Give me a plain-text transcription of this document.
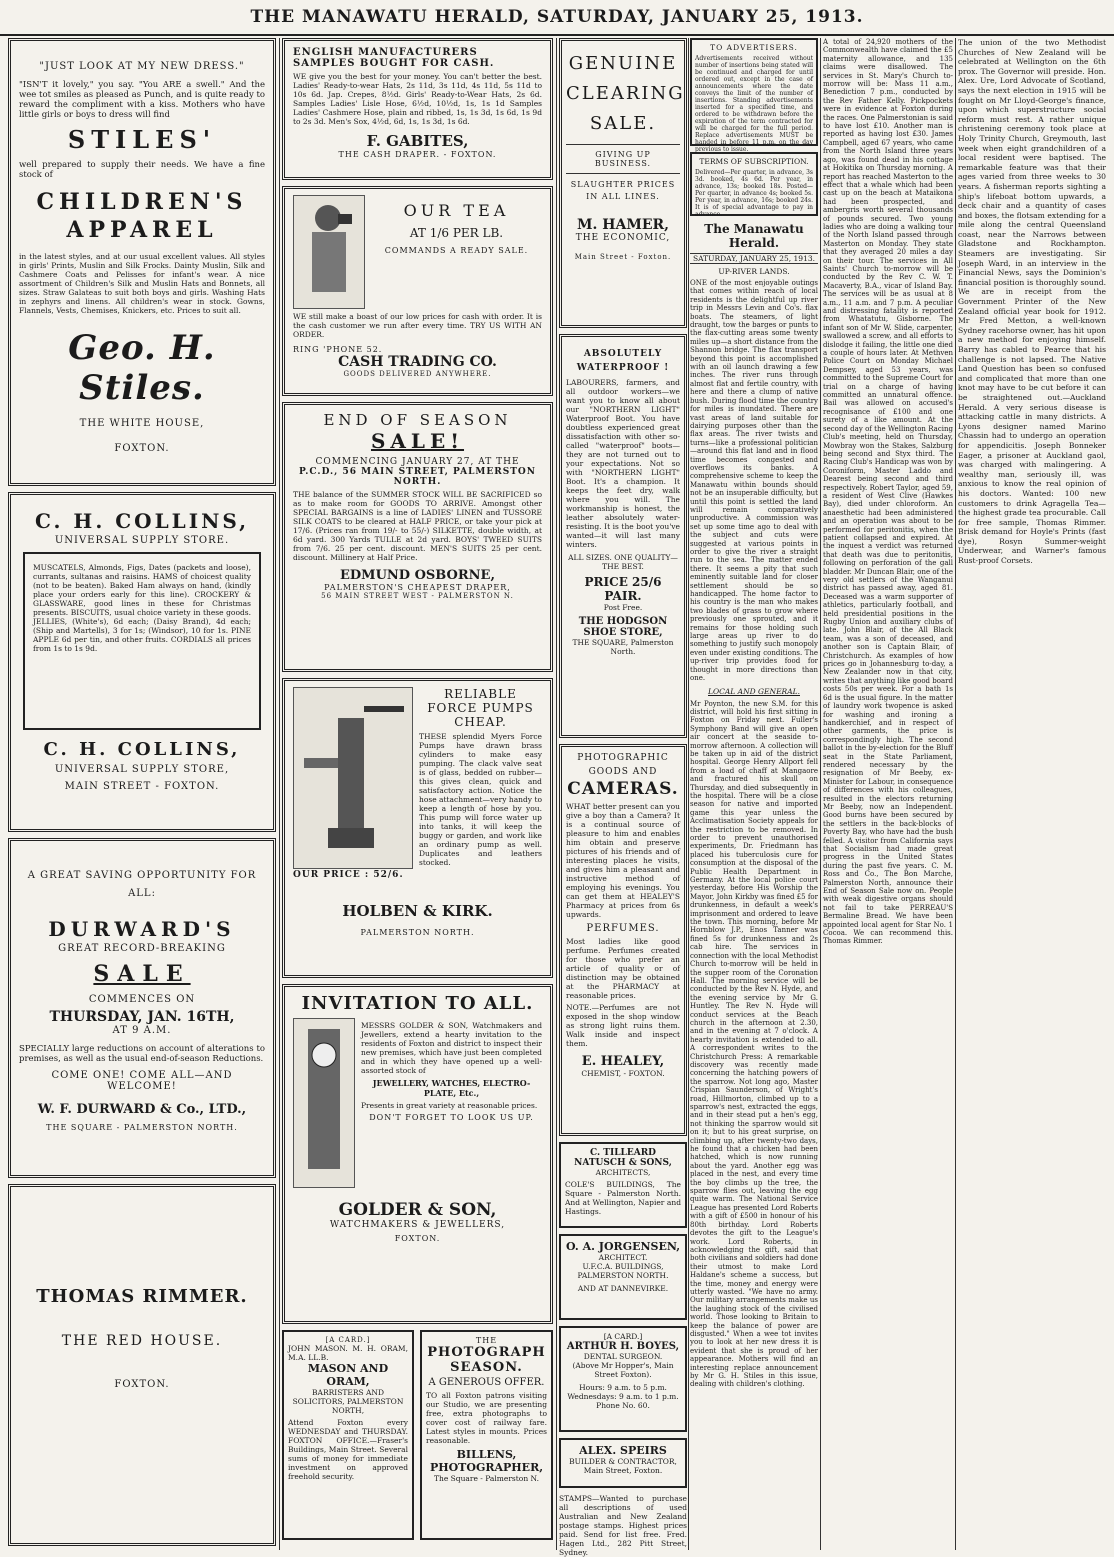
THE MANAWATU HERALD, SATURDAY, JANUARY 25, 1913.
"JUST LOOK AT MY NEW DRESS."

"ISN'T it lovely," you say. "You ARE a swell." And the wee tot smiles as pleased as Punch, and is quite ready to reward the compliment with a kiss. Mothers who have little girls or boys to dress will find

STILES'

well prepared to supply their needs. We have a fine stock of

CHILDREN'S APPAREL

in the latest styles, and at our usual excellent values. All styles in girls' Prints, Muslin and Silk Frocks. Dainty Muslin, Silk and Cashmere Coats and Pelisses for infant's wear. A nice assortment of Children's Silk and Muslin Hats and Bonnets, all sizes. Straw Galateas to suit both boys and girls. Washing Hats in zephyrs and linens. All children's wear in stock. Gowns, Flannels, Vests, Chemises, Knickers, etc. Prices to suit all.

Geo. H. Stiles.
THE WHITE HOUSE,
FOXTON.
C. H. COLLINS,
UNIVERSAL SUPPLY STORE.

MUSCATELS, Almonds, Figs, Dates (packets and loose), currants, sultanas and raisins. HAMS of choicest quality (not to be beaten). Baked Ham always on hand, (kindly place your orders early for this line). CROCKERY & GLASSWARE, good lines in these for Christmas presents. BISCUITS, usual choice variety in these goods. JELLIES, (White's), 6d each; (Daisy Brand), 4d each; (Ship and Martells), 3 for 1s; (Windsor), 10 for 1s. PINE APPLE 6d per tin, and other fruits. CORDIALS all prices from 1s to 1s 9d.

C. H. COLLINS,
UNIVERSAL SUPPLY STORE,
MAIN STREET - FOXTON.
A GREAT SAVING OPPORTUNITY FOR ALL:
DURWARD'S
GREAT RECORD-BREAKING
SALE
COMMENCES ON
THURSDAY, JAN. 16TH,
AT 9 A.M.

SPECIALLY large reductions on account of alterations to premises, as well as the usual end-of-season Reductions.

COME ONE! COME ALL—AND WELCOME!
W. F. DURWARD & Co., LTD.,
THE SQUARE - PALMERSTON NORTH.
THOMAS RIMMER.
THE RED HOUSE.
FOXTON.
ENGLISH MANUFACTURERS SAMPLES BOUGHT FOR CASH.

WE give you the best for your money. You can't better the best. Ladies' Ready-to-wear Hats, 2s 11d, 3s 11d, 4s 11d, 5s 11d to 10s 6d. Jap. Crepes, 8½d. Girls' Ready-to-Wear Hats, 2s 6d. Samples Ladies' Lisle Hose, 6½d, 10½d, 1s, 1s 1d Samples Ladies' Cashmere Hose, plain and ribbed, 1s, 1s 3d, 1s 6d, 1s 9d to 2s 3d. Men's Sox, 4½d, 6d, 1s, 1s 3d, 1s 6d.

F. GABITES,
THE CASH DRAPER. - FOXTON.
OUR TEA
AT 1/6 PER LB.
COMMANDS A READY SALE.

WE still make a boast of our low prices for cash with order. It is the cash customer we run after every time. TRY US WITH AN ORDER.

RING 'PHONE 52.
CASH TRADING CO.
GOODS DELIVERED ANYWHERE.
END OF SEASON
SALE!
COMMENCING JANUARY 27, AT THE
P.C.D., 56 MAIN STREET, PALMERSTON NORTH.

THE balance of the SUMMER STOCK WILL BE SACRIFICED so as to make room for GOODS TO ARRIVE. Amongst other SPECIAL BARGAINS is a line of LADIES' LINEN and TUSSORE SILK COATS to be cleared at HALF PRICE, or take your pick at 17/6. (Prices ran from 19/- to 55/-) SILKETTE, double width, at 6d yard. 300 Yards TULLE at 2d yard. BOYS' TWEED SUITS from 7/6. 25 per cent. discount. MEN'S SUITS 25 per cent. discount. Millinery at Half Price.

EDMUND OSBORNE,
PALMERSTON'S CHEAPEST DRAPER,
56 MAIN STREET WEST - PALMERSTON N.
RELIABLE FORCE PUMPS CHEAP.

THESE splendid Myers Force Pumps have drawn brass cylinders to make easy pumping. The clack valve seat is of glass, bedded on rubber—this gives clean, quick and satisfactory action. Notice the hose attachment—very handy to keep a length of hose by you. This pump will force water up into tanks, it will keep the buggy or garden, and work like an ordinary pump as well. Duplicates and leathers stocked.

OUR PRICE : 52/6.
HOLBEN & KIRK.
PALMERSTON NORTH.
INVITATION TO ALL.

MESSRS GOLDER & SON, Watchmakers and Jewellers, extend a hearty invitation to the residents of Foxton and district to inspect their new premises, which have just been completed and in which they have opened up a well-assorted stock of

JEWELLERY, WATCHES, ELECTRO-PLATE, Etc.,

Presents in great variety at reasonable prices.

DON'T FORGET TO LOOK US UP.
GOLDER & SON,
WATCHMAKERS & JEWELLERS,
FOXTON.
[A CARD.]
JOHN MASON. M. H. ORAM, M.A. LL.B.
MASON AND ORAM,
BARRISTERS AND SOLICITORS, PALMERSTON NORTH,

Attend Foxton every WEDNESDAY and THURSDAY. FOXTON OFFICE.—Fraser's Buildings, Main Street. Several sums of money for immediate investment on approved freehold security.

THE
PHOTOGRAPH SEASON.
A GENEROUS OFFER.

TO all Foxton patrons visiting our Studio, we are presenting free, extra photographs to cover cost of railway fare. Latest styles in mounts. Prices reasonable.

BILLENS, PHOTOGRAPHER,
The Square - Palmerston N.
GENUINE CLEARING SALE.
GIVING UP BUSINESS.
SLAUGHTER PRICES IN ALL LINES.
M. HAMER,
THE ECONOMIC,
Main Street - Foxton.
ABSOLUTELY WATERPROOF !

LABOURERS, farmers, and all outdoor workers—we want you to know all about our "NORTHERN LIGHT" Waterproof Boot. You have doubtless experienced great dissatisfaction with other so-called "waterproof" boots—they are not turned out to your expectations. Not so with "NORTHERN LIGHT" Boot. It's a champion. It keeps the feet dry, walk where you will. The workmanship is honest, the leather absolutely water-resisting. It is the boot you've wanted—it will last many winters.

ALL SIZES. ONE QUALITY—THE BEST.
PRICE 25/6 PAIR.
Post Free.
THE HODGSON SHOE STORE,
THE SQUARE, Palmerston North.
PHOTOGRAPHIC GOODS AND
CAMERAS.

WHAT better present can you give a boy than a Camera? It is a continual source of pleasure to him and enables him obtain and preserve pictures of his friends and of interesting places he visits, and gives him a pleasant and instructive method of employing his evenings. You can get them at HEALEY'S Pharmacy at prices from 6s upwards.

PERFUMES.

Most ladies like good perfume. Perfumes created for those who prefer an article of quality or of distinction may be obtained at the PHARMACY at reasonable prices.

NOTE.—Perfumes are not exposed in the shop window as strong light ruins them. Walk inside and inspect them.

E. HEALEY,
CHEMIST, - FOXTON.
C. TILLEARD NATUSCH & SONS,
ARCHITECTS,

COLE'S BUILDINGS, The Square - Palmerston North. And at Wellington, Napier and Hastings.

O. A. JORGENSEN,
ARCHITECT.
U.F.C.A. BUILDINGS, PALMERSTON NORTH.
AND AT DANNEVIRKE.
[A CARD.]
ARTHUR H. BOYES,
DENTAL SURGEON.
(Above Mr Hopper's, Main Street Foxton).
Hours: 9 a.m. to 5 p.m. Wednesdays: 9 a.m. to 1 p.m.
Phone No. 60.
ALEX. SPEIRS
BUILDER & CONTRACTOR,
Main Street, Foxton.

STAMPS—Wanted to purchase all descriptions of used Australian and New Zealand postage stamps. Highest prices paid. Send for list free. Fred. Hagen Ltd., 282 Pitt Street, Sydney.

TO ADVERTISERS.

Advertisements received without number of insertions being stated will be continued and charged for until ordered out, except in the case of announcements where the date conveys the limit of the number of insertions. Standing advertisements inserted for a specified time, and ordered to be withdrawn before the expiration of the term contracted for will be charged for the full period. Replace advertisements MUST be handed in before 11 p.m. on the day previous to issue.

TERMS OF SUBSCRIPTION.

Delivered—Per quarter, in advance, 3s 3d. booked, 4s 6d. Per year, in advance, 13s; booked 18s. Posted—Per quarter, in advance 4s; booked 5s. Per year, in advance, 16s; booked 24s. It is of special advantage to pay in advance.

The Manawatu Herald.
SATURDAY, JANUARY 25, 1913.
UP-RIVER LANDS.

ONE of the most enjoyable outings that comes within reach of local residents is the delightful up river trip in Messrs Levin and Co's. flax boats. The steamers, of light draught, tow the barges or punts to the flax-cutting areas some twenty miles up—a short distance from the Shannon bridge. The flax transport beyond this point is accomplished with an oil launch drawing a few inches. The river runs through almost flat and fertile country, with here and there a clump of native bush. During flood time the country for miles is inundated. There are vast areas of land suitable for dairying purposes other than the flax areas. The river twists and turns—like a professional politician—around this flat land and in flood time becomes congested and overflows its banks. A comprehensive scheme to keep the Manawatu within bounds should not be an insuperable difficulty, but until this point is settled the land will remain comparatively unproductive. A commission was set up some time ago to deal with the subject and cuts were suggested at various points in order to give the river a straight run to the sea. The matter ended there. It seems a pity that such eminently suitable land for closer settlement should be so handicapped. The home factor to his country is the man who makes two blades of grass to grow where previously one sprouted, and it remains for those holding such large areas up river to do something to justify such monopoly even under existing conditions. The up-river trip provides food for thought in more directions than one.

LOCAL AND GENERAL.

Mr Poynton, the new S.M. for this district, will hold his first sitting in Foxton on Friday next. Fuller's Symphony Band will give an open air concert at the seaside to-morrow afternoon. A collection will be taken up in aid of the district hospital. George Henry Allport fell from a load of chaff at Mangaore and fractured his skull on Thursday, and died subsequently in the hospital. There will be a close season for native and imported game this year unless the Acclimatisation Society appeals for the restriction to be removed. In order to prevent unauthorised experiments, Dr. Friedmann has placed his tuberculosis cure for consumption at the disposal of the Public Health Department in Germany. At the local police court yesterday, before His Worship the Mayor, John Kirkby was fined £5 for drunkenness, in default a week's imprisonment and ordered to leave the town. This morning, before Mr Hornblow J.P., Enos Tanner was fined 5s for drunkenness and 2s cab hire. The services in connection with the local Methodist Church to-morrow will be held in the supper room of the Coronation Hall. The morning service will be conducted by the Rev N. Hyde, and the evening service by Mr G. Huntley. The Rev N. Hyde will conduct services at the Beach church in the afternoon at 2.30, and in the evening at 7 o'clock. A hearty invitation is extended to all. A correspondent writes to the Christchurch Press: A remarkable discovery was recently made concerning the hatching powers of the sparrow. Not long ago, Master Crispian Saunderson, of Wright's road, Hillmorton, climbed up to a sparrow's nest, extracted the eggs, and in their stead put a hen's egg, not thinking the sparrow would sit on it; but to his great surprise, on climbing up, after twenty-two days, he found that a chicken had been hatched, which is now running about the yard. Another egg was placed in the nest, and every time the boy climbs up the tree, the sparrow flies out, leaving the egg quite warm. The National Service League has presented Lord Roberts with a gift of £500 in honour of his 80th birthday. Lord Roberts devotes the gift to the League's work. Lord Roberts, in acknowledging the gift, said that both civilians and soldiers had done their utmost to make Lord Haldane's scheme a success, but the time, money and energy were utterly wasted. "We have no army. Our military arrangements make us the laughing stock of the civilised world. Those looking to Britain to keep the balance of power are disgusted." When a wee tot invites you to look at her new dress it is evident that she is proud of her appearance. Mothers will find an interesting replace announcement by Mr G. H. Stiles in this issue, dealing with children's clothing.

A total of 24,920 mothers of the Commonwealth have claimed the £5 maternity allowance, and 135 claims were disallowed. The services in St. Mary's Church to-morrow will be: Mass 11 a.m., Benediction 7 p.m., conducted by the Rev Father Kelly. Pickpockets were in evidence at Foxton during the races. One Palmerstonian is said to have lost £10. Another man is reported as having lost £30. James Campbell, aged 67 years, who came from the North Island three years ago, was found dead in his cottage at Hokitika on Thursday morning. A report has reached Masterton to the effect that a whale which had been cast up on the beach at Mataikona had been prospected, and ambergris worth several thousands of pounds secured. Two young ladies who are doing a walking tour of the North Island passed through Masterton on Monday. They state that they averaged 20 miles a day on their tour. The services in All Saints' Church to-morrow will be conducted by the Rev C. W. T. Macaverty, B.A., vicar of Island Bay. The services will be as usual at 8 a.m., 11 a.m. and 7 p.m. A peculiar and distressing fatality is reported from Whatatutu, Gisborne. The infant son of Mr W. Slide, carpenter, swallowed a screw, and all efforts to dislodge it failing, the little one died a couple of hours later. At Methven Police Court on Monday Michael Dempsey, aged 53 years, was committed to the Supreme Court for trial on a charge of having committed an unnatural offence. Bail was allowed on accused's recognisance of £100 and one surety of a like amount. At the second day of the Wellington Racing Club's meeting, held on Thursday, Mowbray won the Stakes, Salzburg being second and Styx third. The Racing Club's Handicap was won by Coroniform, Master Laddo and Dearest being second and third respectively. Robert Taylor, aged 59, a resident of West Clive (Hawkes Bay), died under chloroform. An anaesthetic had been administered and an operation was about to be performed for peritonitis, when the patient collapsed and expired. At the inquest a verdict was returned that death was due to peritonitis, following on perforation of the gall bladder. Mr Duncan Blair, one of the very old settlers of the Wanganui district has passed away, aged 81. Deceased was a warm supporter of athletics, particularly football, and held presidential positions in the Rugby Union and auxiliary clubs of late. John Blair, of the All Black team, was a son of deceased, and another son is Captain Blair, of Christchurch. As examples of how prices go in Johannesburg to-day, a New Zealander now in that city, writes that anything like good board costs 50s per week. For a bath 1s 6d is the usual figure. In the matter of laundry work twopence is asked for washing and ironing a handkerchief, and in respect of other garments, the price is correspondingly high. The second ballot in the by-election for the Bluff seat in the State Parliament, rendered necessary by the resignation of Mr Beeby, ex-Minister for Labour, in consequence of differences with his colleagues, resulted in the electors returning Mr Beeby, now an Independent. Good burns have been secured by the settlers in the back-blocks of Poverty Bay, who have had the bush felled. A visitor from California says that Socialism had made great progress in the United States during the past five years. C. M. Ross and Co., The Bon Marche, Palmerston North, announce their End of Season Sale now on. People with weak digestive organs should not fail to take PERREAU'S Bermaline Bread. We have been appointed local agent for Star No. 1 Cocoa. We can recommend this. Thomas Rimmer.

The union of the two Methodist Churches of New Zealand will be celebrated at Wellington on the 6th prox. The Governor will preside. Hon. Alex. Ure, Lord Advocate of Scotland, says the next election in 1915 will be fought on Mr Lloyd-George's finance, upon which superstructure social reform must rest. A rather unique christening ceremony took place at Holy Trinity Church, Greymouth, last week when eight grandchildren of a local resident were baptised. The remarkable feature was that their ages varied from three weeks to 30 years. A fisherman reports sighting a ship's lifeboat bottom upwards, a deck chair and a quantity of cases and boxes, the flotsam extending for a mile along the central Queensland coast, near the Narrows between Gladstone and Rockhampton. Steamers are investigating. Sir Joseph Ward, in an interview in the Financial News, says the Dominion's financial position is thoroughly sound. We are in receipt from the Government Printer of the New Zealand official year book for 1912. Mr Fred Metton, a well-known Sydney racehorse owner, has hit upon a new method for enjoying himself. Barry has cabled to Pearce that his challenge is not lapsed. The Native Land Question has been so confused and complicated that more than one knot may have to be cut before it can be straightened out.—Auckland Herald. A very serious disease is attacking cattle in many districts. A Lyons designer named Marino Chassin had to undergo an operation for appendicitis. Joseph Bonneker Eager, a prisoner at Auckland gaol, was charged with malingering. A wealthy man, seriously ill, was anxious to know the real opinion of his doctors. Wanted: 100 new customers to drink Agragella Tea—the highest grade tea procurable. Call for free sample, Thomas Rimmer. Brisk demand for Hoyle's Prints (fast dye), Rosyn Summer-weight Underwear, and Warner's famous Rust-proof Corsets.
